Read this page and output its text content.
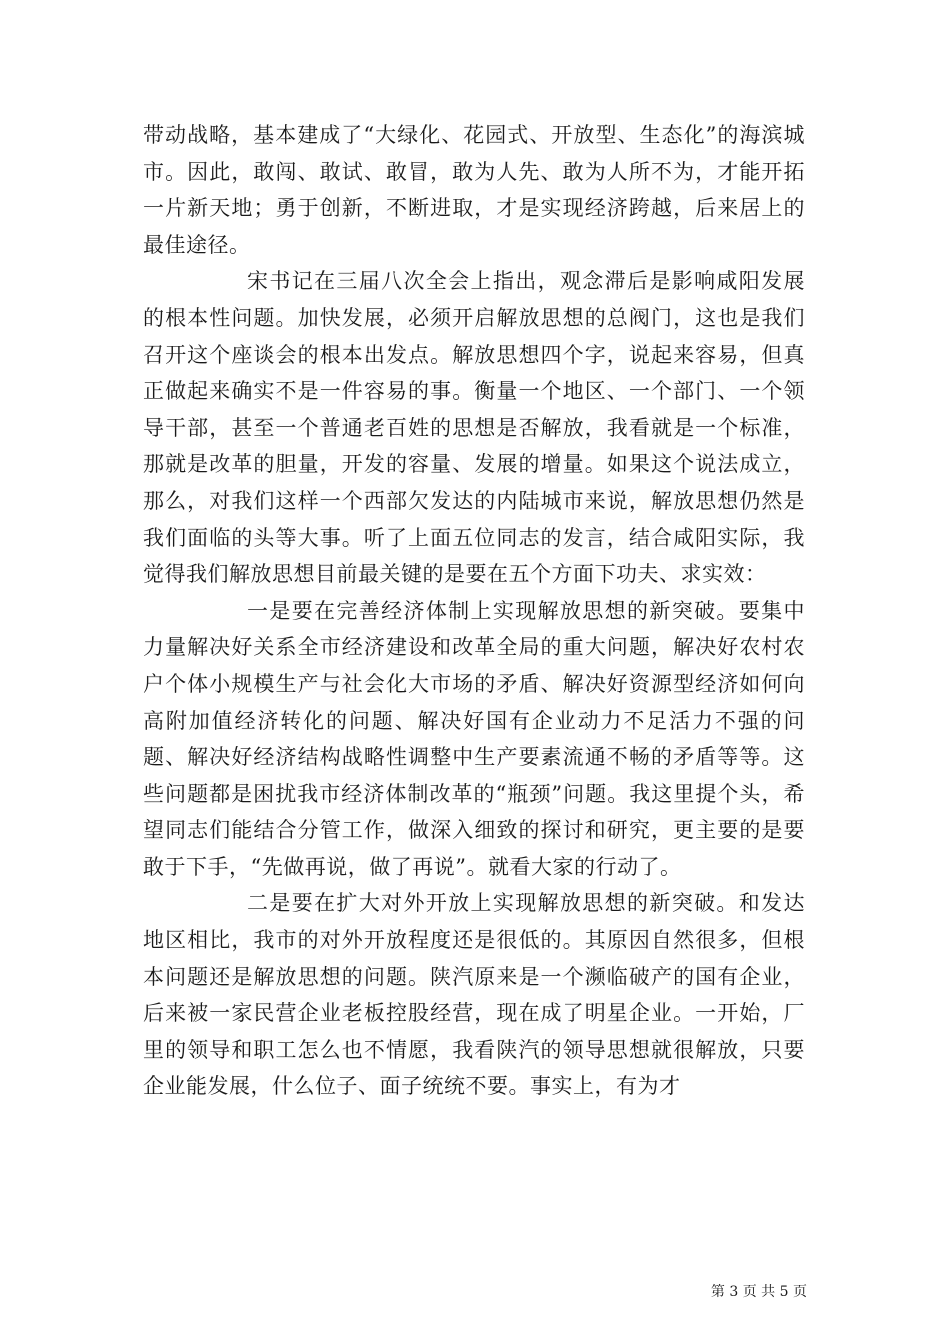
带动战略，基本建成了“大绿化、花园式、开放型、生态化”的海滨城市。因此，敢闯、敢试、敢冒，敢为人先、敢为人所不为，才能开拓一片新天地；勇于创新，不断进取，才是实现经济跨越，后来居上的最佳途径。

宋书记在三届八次全会上指出，观念滞后是影响咸阳发展的根本性问题。加快发展，必须开启解放思想的总阀门，这也是我们召开这个座谈会的根本出发点。解放思想四个字，说起来容易，但真正做起来确实不是一件容易的事。衡量一个地区、一个部门、一个领导干部，甚至一个普通老百姓的思想是否解放，我看就是一个标准，那就是改革的胆量，开发的容量、发展的增量。如果这个说法成立，那么，对我们这样一个西部欠发达的内陆城市来说，解放思想仍然是我们面临的头等大事。听了上面五位同志的发言，结合咸阳实际，我觉得我们解放思想目前最关键的是要在五个方面下功夫、求实效：

一是要在完善经济体制上实现解放思想的新突破。要集中力量解决好关系全市经济建设和改革全局的重大问题，解决好农村农户个体小规模生产与社会化大市场的矛盾、解决好资源型经济如何向高附加值经济转化的问题、解决好国有企业动力不足活力不强的问题、解决好经济结构战略性调整中生产要素流通不畅的矛盾等等。这些问题都是困扰我市经济体制改革的“瓶颈”问题。我这里提个头，希望同志们能结合分管工作，做深入细致的探讨和研究，更主要的是要敢于下手，“先做再说，做了再说”。就看大家的行动了。

二是要在扩大对外开放上实现解放思想的新突破。和发达地区相比，我市的对外开放程度还是很低的。其原因自然很多，但根本问题还是解放思想的问题。陕汽原来是一个濒临破产的国有企业，后来被一家民营企业老板控股经营，现在成了明星企业。一开始，厂里的领导和职工怎么也不情愿，我看陕汽的领导思想就很解放，只要企业能发展，什么位子、面子统统不要。事实上，有为才

第 3 页 共 5 页
